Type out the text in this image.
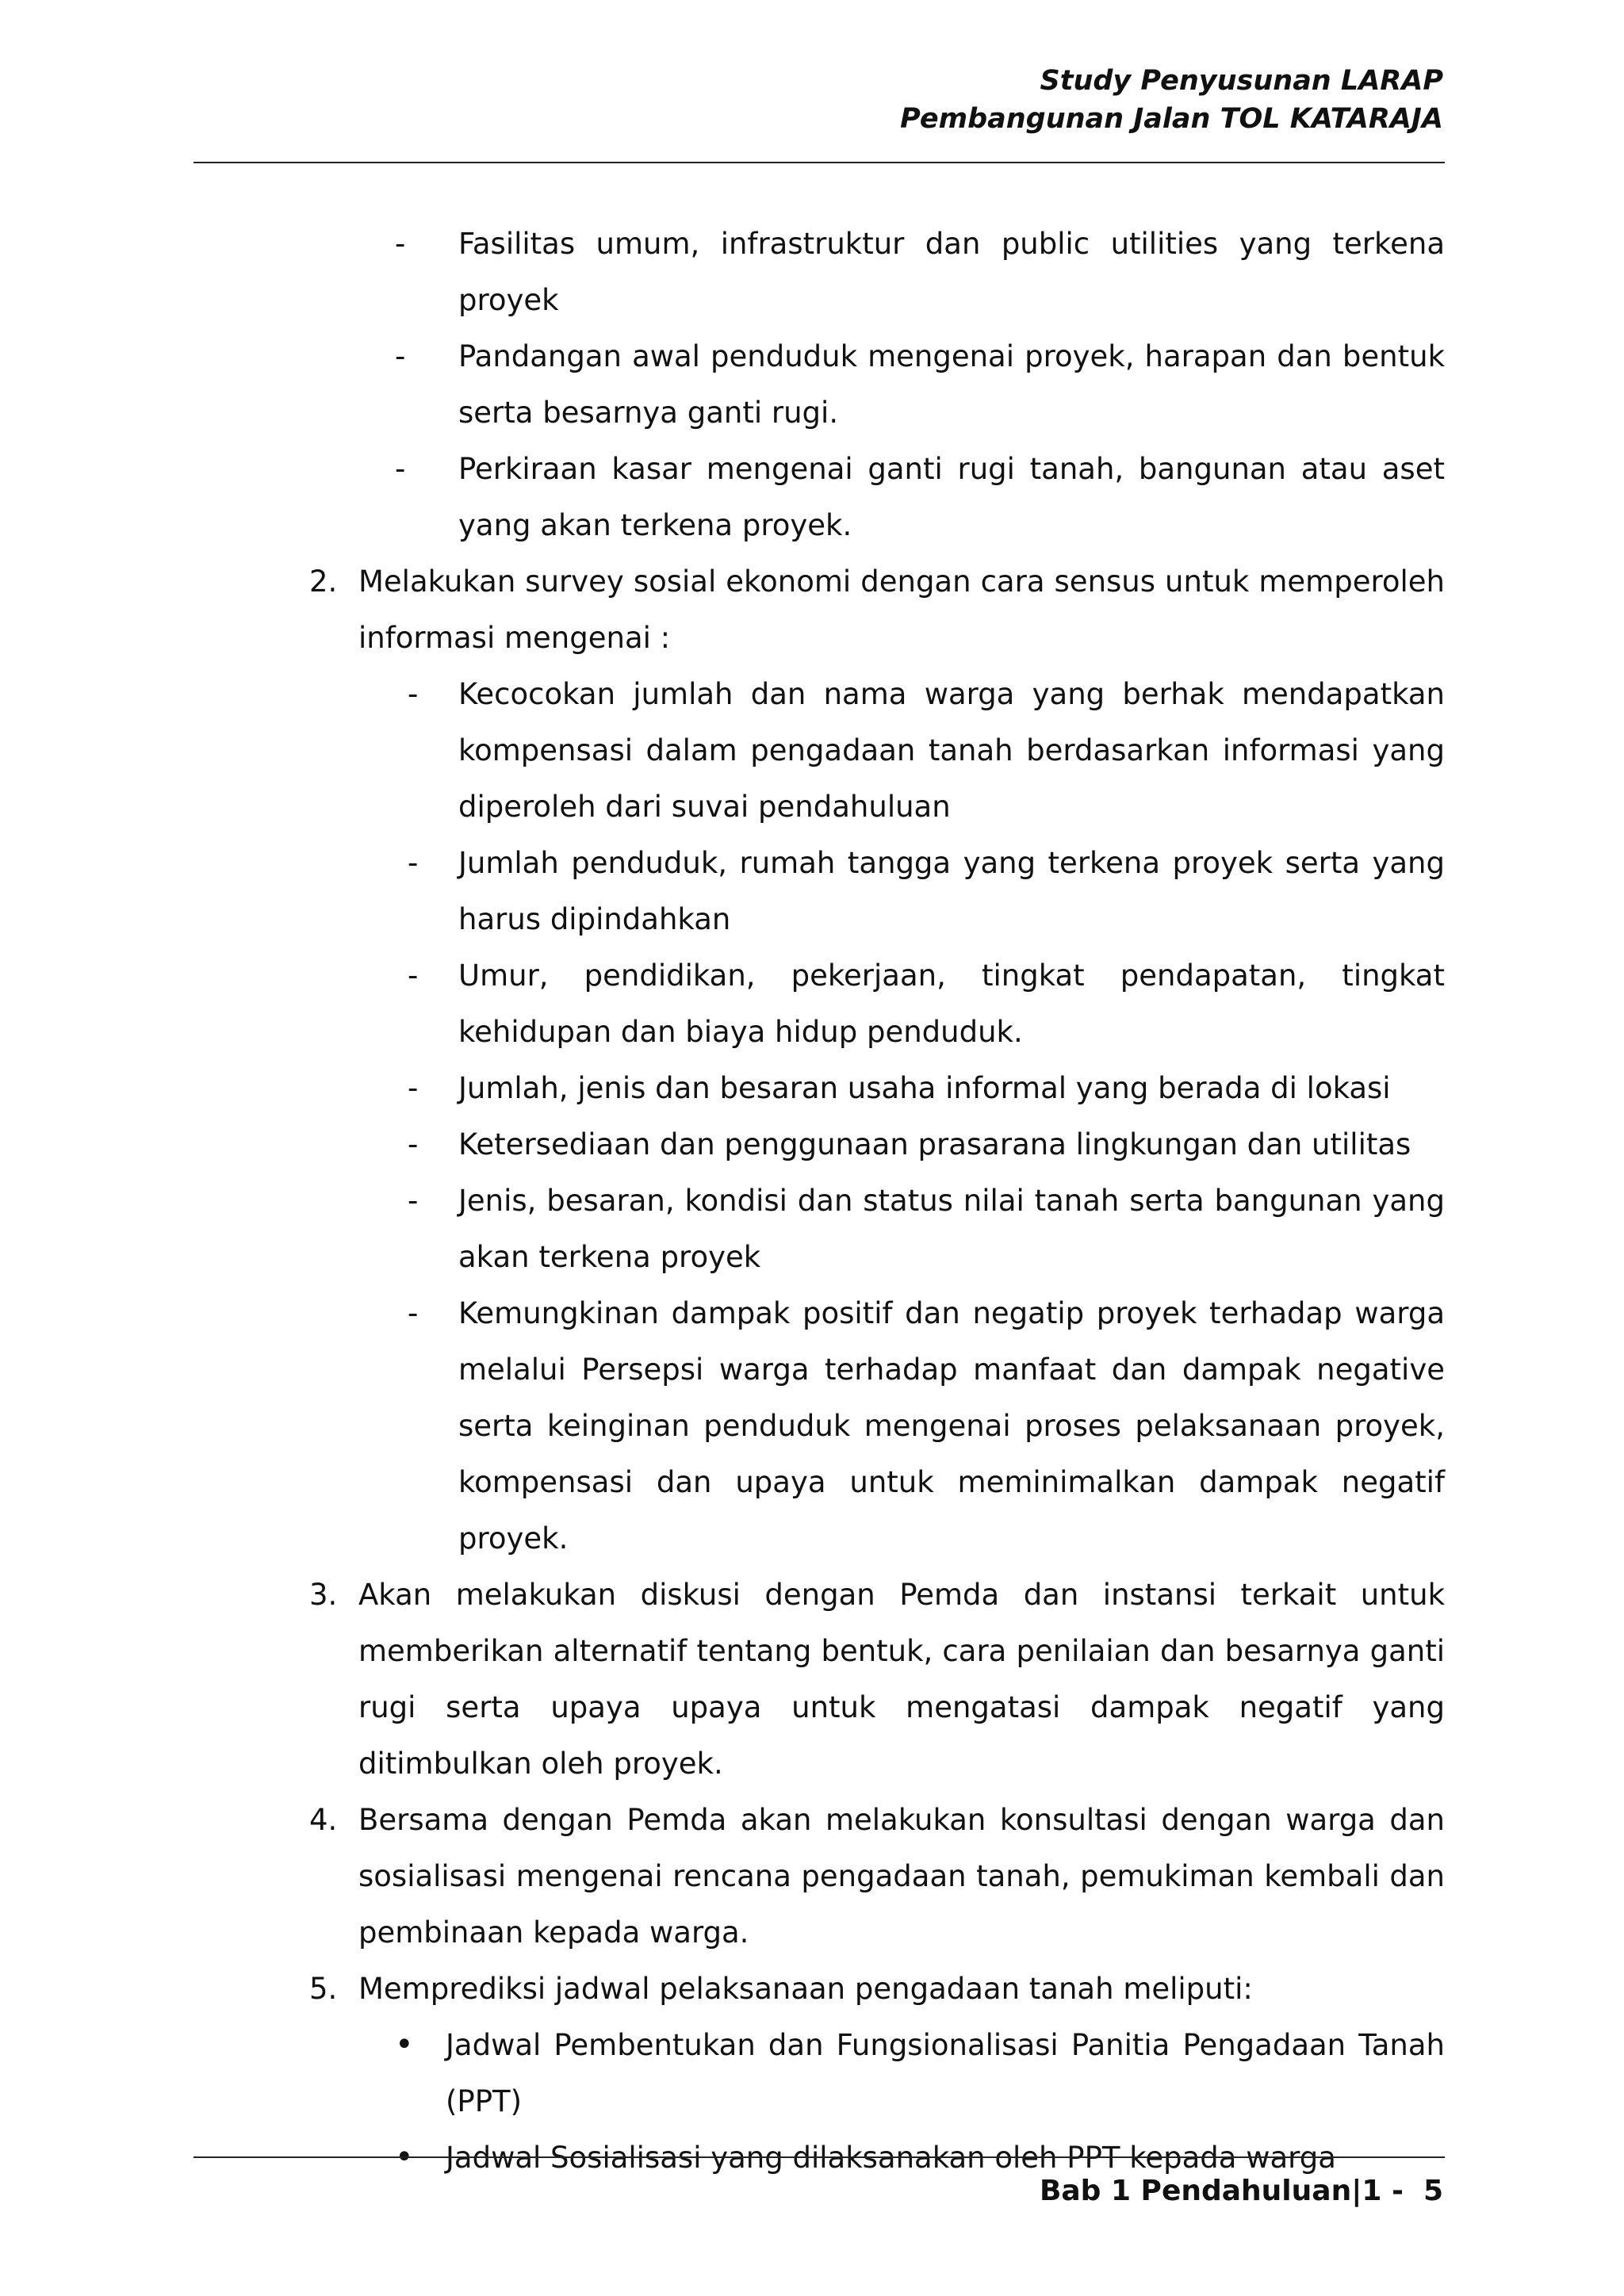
Study Penyusunan LARAP
Pembangunan Jalan TOL KATARAJA
- Fasilitas umum, infrastruktur dan public utilities yang terkena proyek
- Pandangan awal penduduk mengenai proyek, harapan dan bentuk serta besarnya ganti rugi.
- Perkiraan kasar mengenai ganti rugi tanah, bangunan atau aset yang akan terkena proyek.
2. Melakukan survey sosial ekonomi dengan cara sensus untuk memperoleh informasi mengenai :
- Kecocokan jumlah dan nama warga yang berhak mendapatkan kompensasi dalam pengadaan tanah berdasarkan informasi yang diperoleh dari suvai pendahuluan
- Jumlah penduduk, rumah tangga yang terkena proyek serta yang harus dipindahkan
- Umur, pendidikan, pekerjaan, tingkat pendapatan, tingkat kehidupan dan biaya hidup penduduk.
- Jumlah, jenis dan besaran usaha informal yang berada di lokasi
- Ketersediaan dan penggunaan prasarana lingkungan dan utilitas
- Jenis, besaran, kondisi dan status nilai tanah serta bangunan yang akan terkena proyek
- Kemungkinan dampak positif dan negatip proyek terhadap warga melalui Persepsi warga terhadap manfaat dan dampak negative serta keinginan penduduk mengenai proses pelaksanaan proyek, kompensasi dan upaya untuk meminimalkan dampak negatif proyek.
3. Akan melakukan diskusi dengan Pemda dan instansi terkait untuk memberikan alternatif tentang bentuk, cara penilaian dan besarnya ganti rugi serta upaya upaya untuk mengatasi dampak negatif yang ditimbulkan oleh proyek.
4. Bersama dengan Pemda akan melakukan konsultasi dengan warga dan sosialisasi mengenai rencana pengadaan tanah, pemukiman kembali dan pembinaan kepada warga.
5. Memprediksi jadwal pelaksanaan pengadaan tanah meliputi:
• Jadwal Pembentukan dan Fungsionalisasi Panitia Pengadaan Tanah (PPT)
• Jadwal Sosialisasi yang dilaksanakan oleh PPT kepada warga
Bab 1 Pendahuluan|1 -  5
